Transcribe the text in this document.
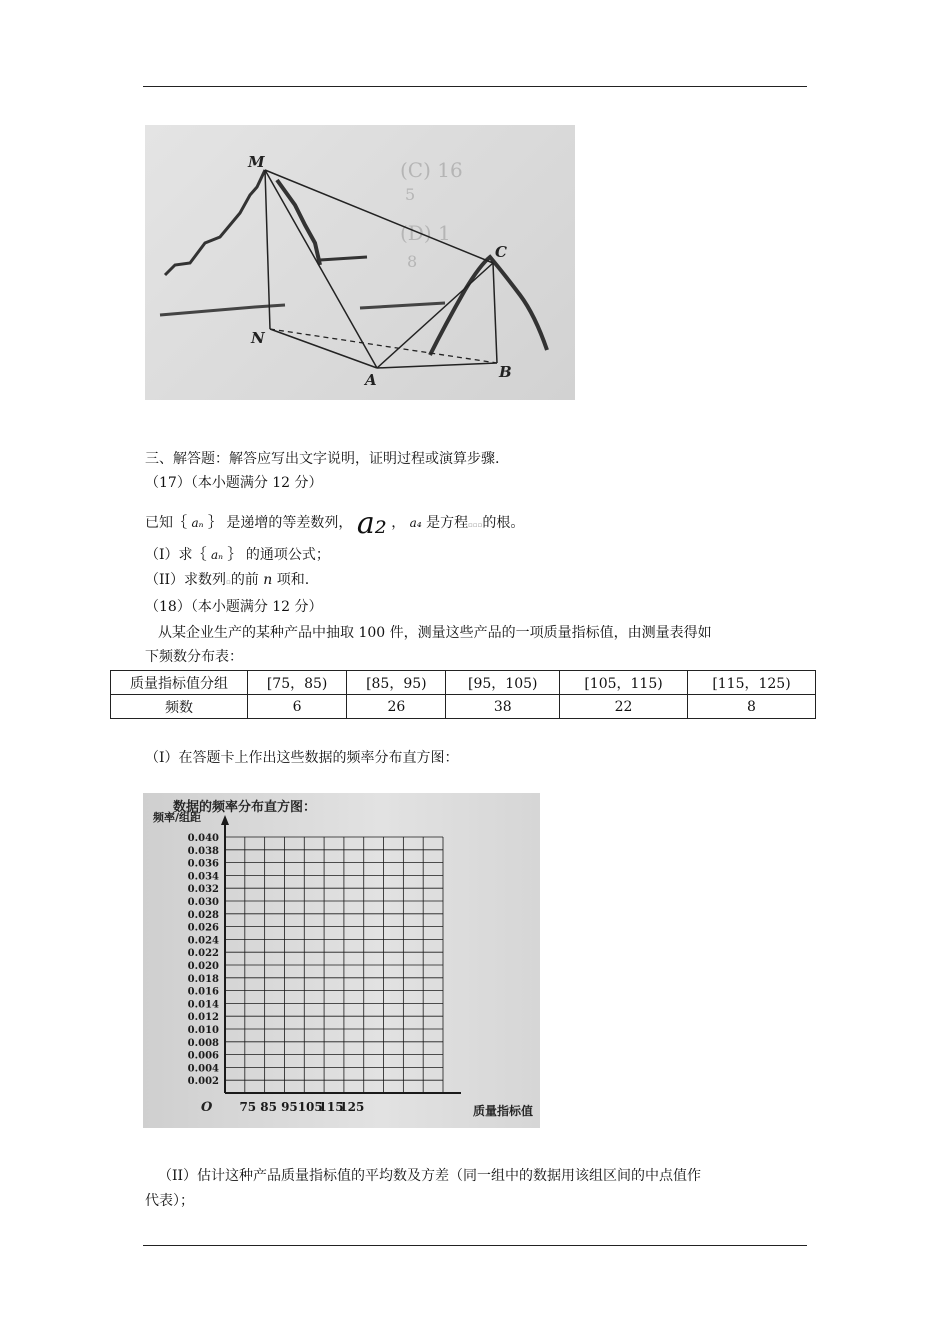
(C) 16
5
(D) 1
8
M
C
N
A	B
三、解答题：解答应写出文字说明，证明过程或演算步骤.
（17）（本小题满分 12 分）
已知｛ aₙ ｝ 是递增的等差数列， a₂ ， a₄ 是方程▫▫▫的根。
（I）求｛ aₙ ｝ 的通项公式；
（II）求数列▫的前 n 项和.
（18）（本小题满分 12 分）
从某企业生产的某种产品中抽取 100 件，测量这些产品的一项质量指标值，由测量表得如
下频数分布表：
质量指标值分组	[75，85)	[85，95)	[95，105)	[105，115)	[115，125)
频数	6	26	38	22	8
（I）在答题卡上作出这些数据的频率分布直方图：
数据的频率分布直方图：
频率/组距
质量指标值
O
0.040
0.038
0.036
0.034
0.032
0.030
0.028
0.026
0.024
0.022
0.020
0.018
0.016
0.014
0.012
0.010
0.008
0.006
0.004
0.002
75 85 95 105
115
125
（II）估计这种产品质量指标值的平均数及方差（同一组中的数据用该组区间的中点值作
代表）；
